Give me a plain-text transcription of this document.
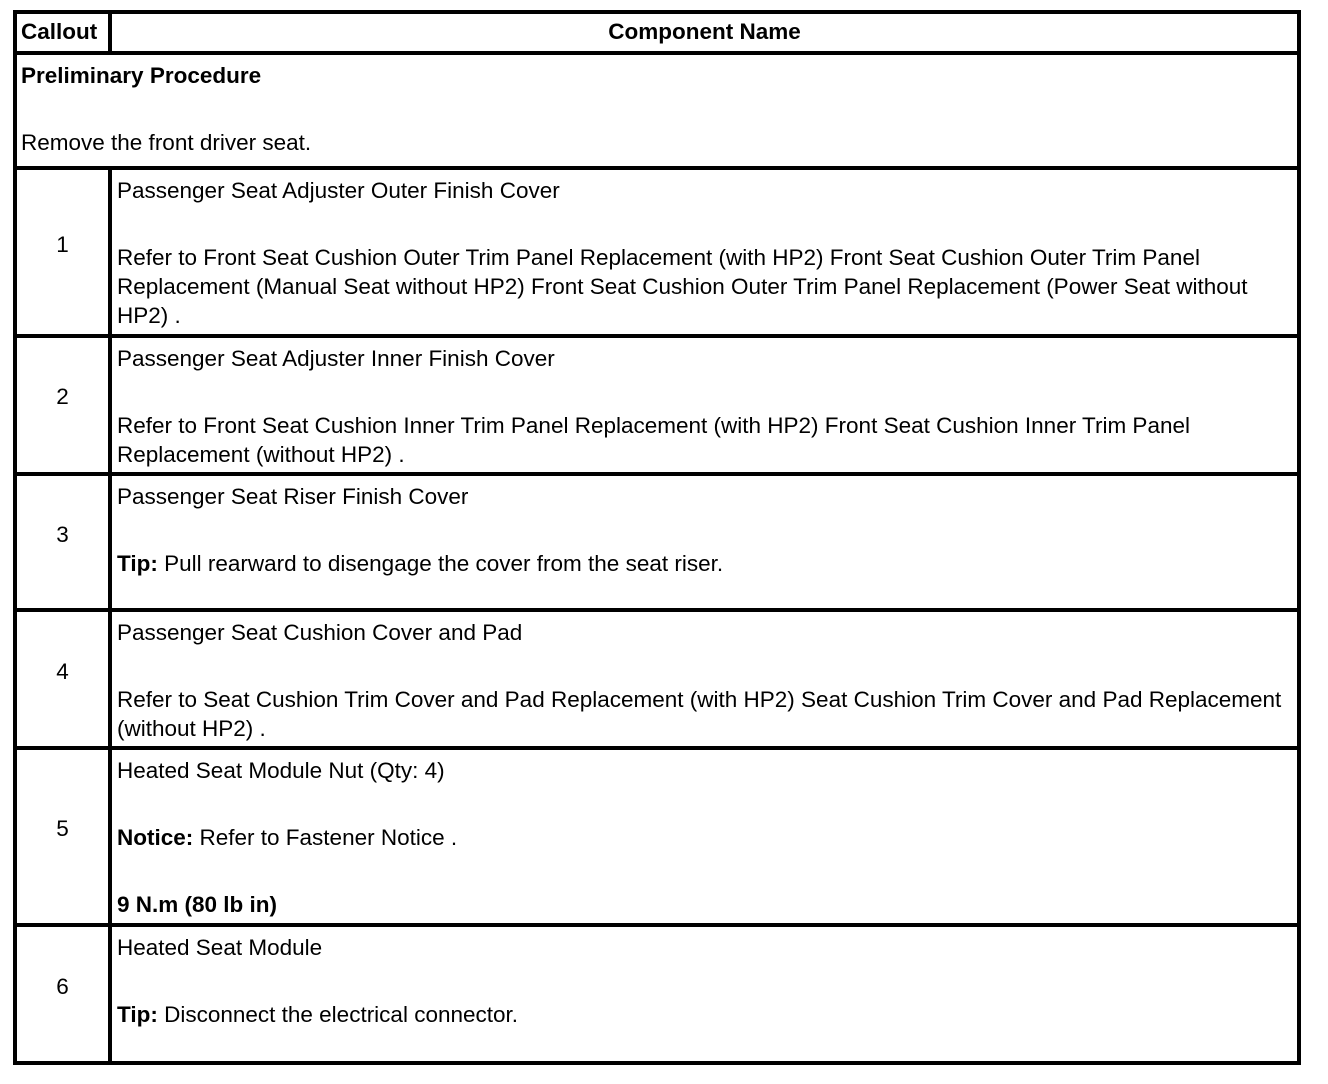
Callout	Component Name

Preliminary Procedure
Remove the front driver seat.	

1	Passenger Seat Adjuster Outer Finish Cover
Refer to Front Seat Cushion Outer Trim Panel Replacement (with HP2) Front Seat Cushion Outer Trim Panel Replacement (Manual Seat without HP2) Front Seat Cushion Outer Trim Panel Replacement (Power Seat without HP2) .

2	Passenger Seat Adjuster Inner Finish Cover
Refer to Front Seat Cushion Inner Trim Panel Replacement (with HP2) Front Seat Cushion Inner Trim Panel Replacement (without HP2) .

3	Passenger Seat Riser Finish Cover
Tip: Pull rearward to disengage the cover from the seat riser.

4	Passenger Seat Cushion Cover and Pad
Refer to Seat Cushion Trim Cover and Pad Replacement (with HP2) Seat Cushion Trim Cover and Pad Replacement (without HP2) .

5	Heated Seat Module Nut (Qty: 4)
Notice: Refer to Fastener Notice .
9 N.m (80 lb in)

6	Heated Seat Module
Tip: Disconnect the electrical connector.
